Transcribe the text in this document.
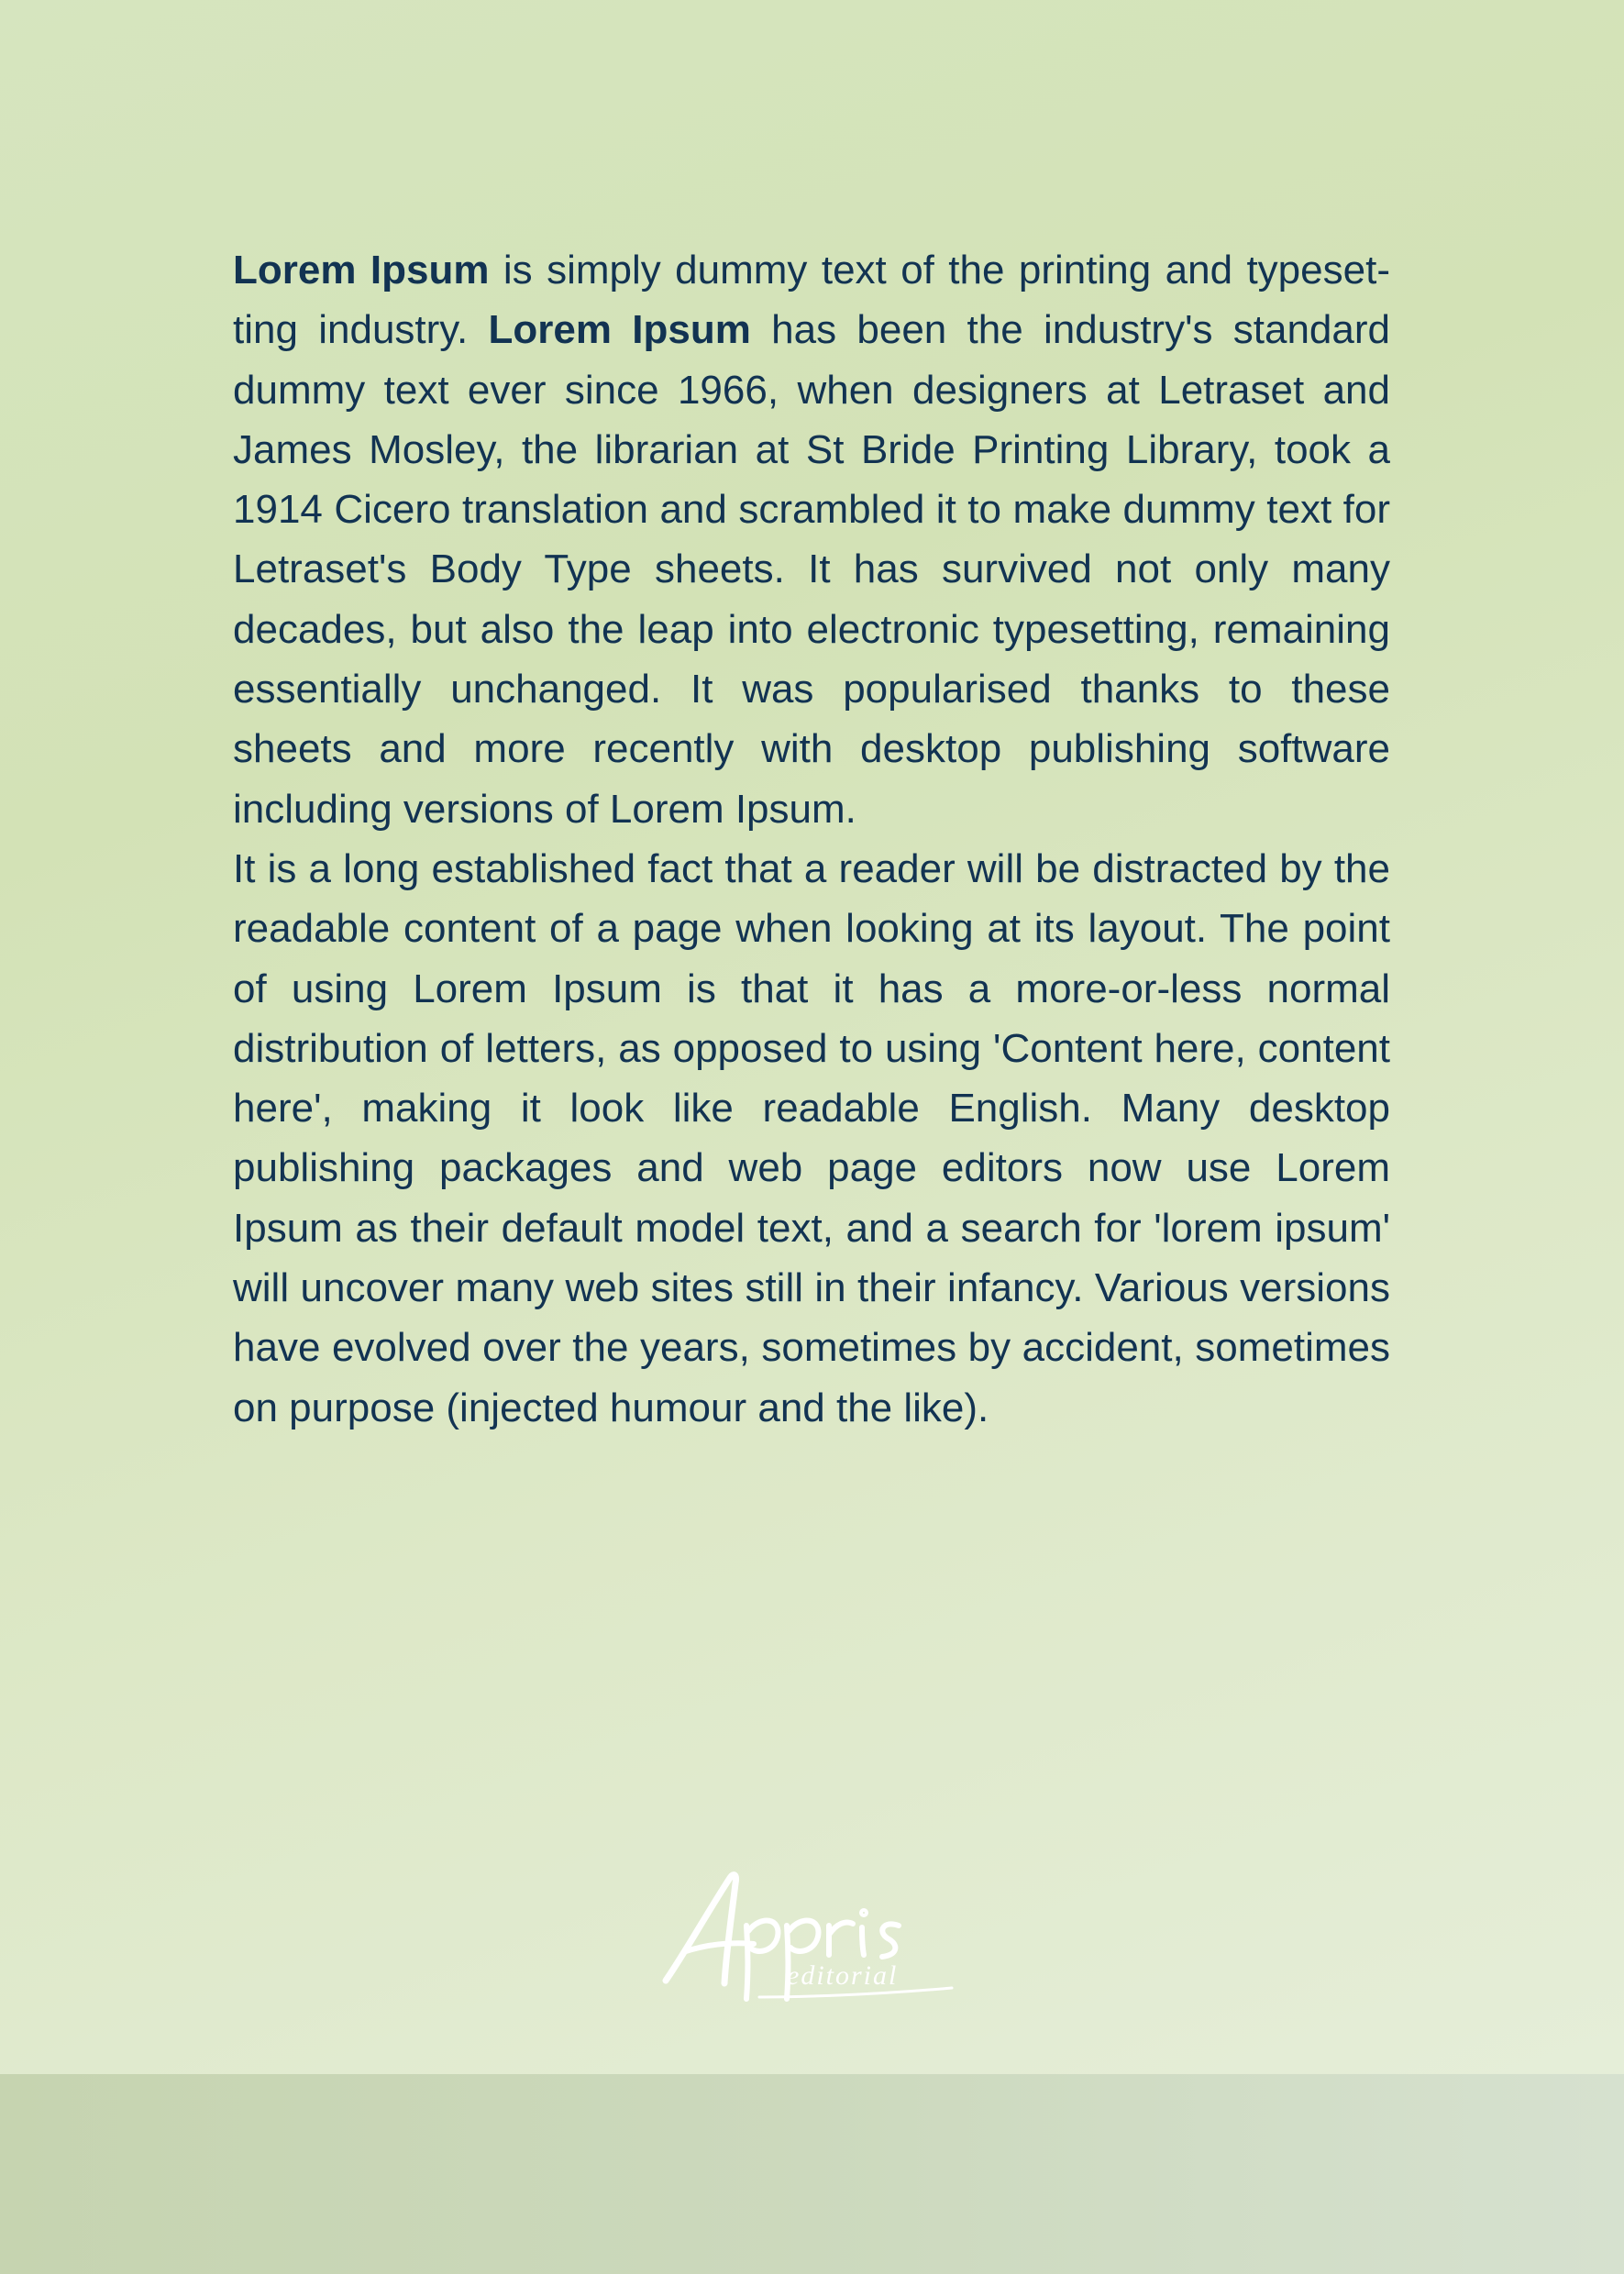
Lorem Ipsum is simply dummy text of the printing and typesetting industry. Lorem Ipsum has been the industry's standard dummy text ever since 1966, when designers at Letraset and James Mosley, the librarian at St Bride Printing Library, took a 1914 Cicero translation and scrambled it to make dummy text for Letraset's Body Type sheets. It has survived not only many decades, but also the leap into electronic typesetting, remaining essentially unchanged. It was popularised thanks to these sheets and more recently with desktop publishing software including versions of Lorem Ipsum.

It is a long established fact that a reader will be distracted by the readable content of a page when looking at its layout. The point of using Lorem Ipsum is that it has a more-or-less normal distribution of letters, as opposed to using 'Content here, content here', making it look like readable English. Many desktop publishing packages and web page editors now use Lorem Ipsum as their default model text, and a search for 'lorem ipsum' will uncover many web sites still in their infancy. Various versions have evolved over the years, sometimes by accident, sometimes on purpose (injected humour and the like).

editorial
